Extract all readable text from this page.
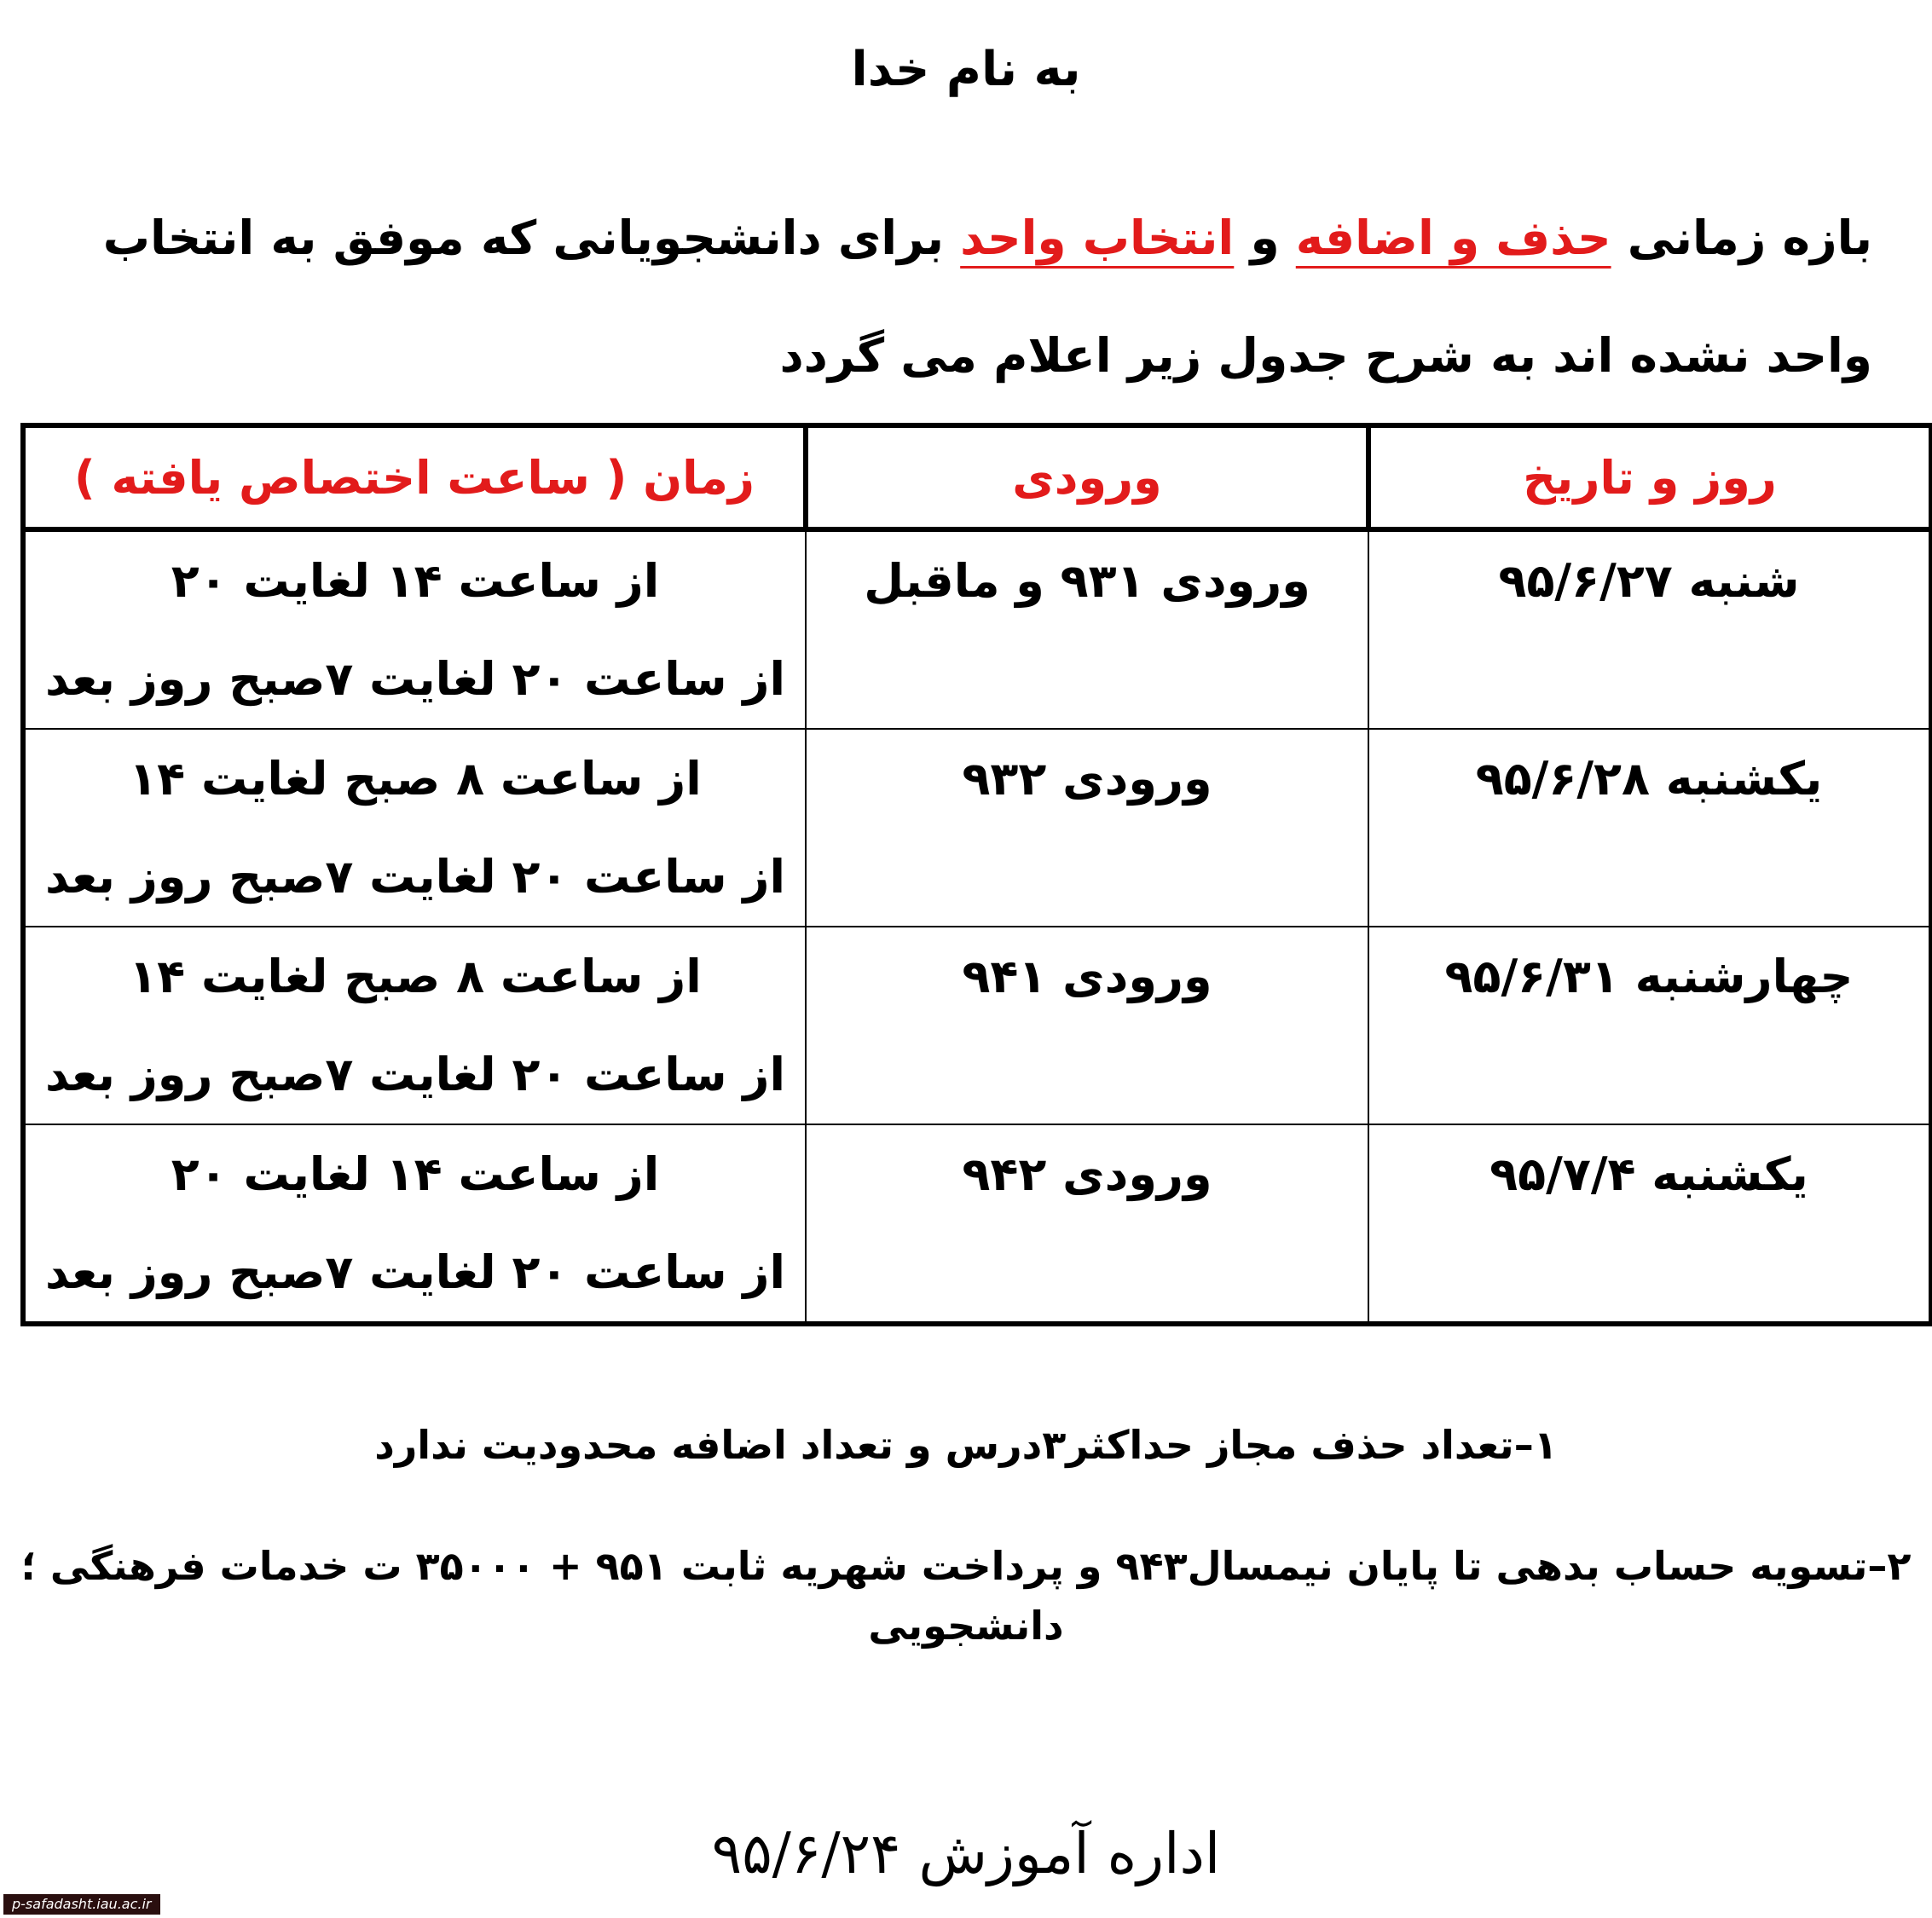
به نام خدا
بازه زمانی حذف و اضافه و انتخاب واحد برای دانشجویانی که موفق به انتخاب واحد نشده اند به شرح جدول زیر اعلام می گردد
روز و تاریخ	ورودی	زمان ( ساعت اختصاص یافته )

شنبه ۹۵/۶/۲۷	ورودی ۹۳۱ و ماقبل	از ساعت ۱۴ لغایت ۲۰
از ساعت ۲۰ لغایت ۷صبح روز بعد

یکشنبه ۹۵/۶/۲۸	ورودی ۹۳۲	از ساعت ۸ صبح لغایت ۱۴
از ساعت ۲۰ لغایت ۷صبح روز بعد

چهارشنبه ۹۵/۶/۳۱	ورودی ۹۴۱	از ساعت ۸ صبح لغایت ۱۴
از ساعت ۲۰ لغایت ۷صبح روز بعد

یکشنبه ۹۵/۷/۴	ورودی ۹۴۲	از ساعت ۱۴ لغایت ۲۰
از ساعت ۲۰ لغایت ۷صبح روز بعد
۱–تعداد حذف مجاز حداکثر۳درس و تعداد اضافه محدودیت ندارد
۲–تسویه حساب بدهی تا پایان نیمسال۹۴۳ و پرداخت شهریه ثابت ۹۵۱ + ۳۵۰۰۰ ت خدمات فرهنگی ؛ دانشجویی
اداره آموزش ۹۵/۶/۲۴
p-safadasht.iau.ac.ir
